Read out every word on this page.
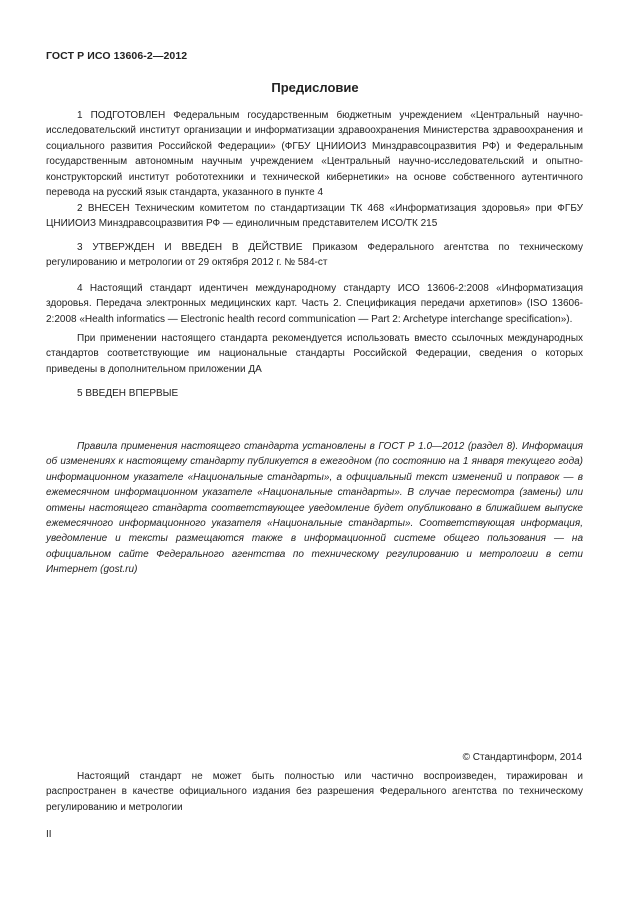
ГОСТ Р ИСО 13606-2—2012
Предисловие

1 ПОДГОТОВЛЕН Федеральным государственным бюджетным учреждением «Центральный научно-исследовательский институт организации и информатизации здравоохранения Министерства здравоохранения и социального развития Российской Федерации» (ФГБУ ЦНИИОИЗ Минздравсоцразвития РФ) и Федеральным государственным автономным научным учреждением «Центральный научно-исследовательский и опытно-конструкторский институт робототехники и технической кибернетики» на основе собственного аутентичного перевода на русский язык стандарта, указанного в пункте 4

2 ВНЕСЕН Техническим комитетом по стандартизации ТК 468 «Информатизация здоровья» при ФГБУ ЦНИИОИЗ Минздравсоцразвития РФ — единоличным представителем ИСО/ТК 215

3 УТВЕРЖДЕН И ВВЕДЕН В ДЕЙСТВИЕ Приказом Федерального агентства по техническому регулированию и метрологии от 29 октября 2012 г. № 584-ст

4 Настоящий стандарт идентичен международному стандарту ИСО 13606-2:2008 «Информатизация здоровья. Передача электронных медицинских карт. Часть 2. Спецификация передачи архетипов» (ISO 13606-2:2008 «Health informatics — Electronic health record communication — Part 2: Archetype interchange specification»).

При применении настоящего стандарта рекомендуется использовать вместо ссылочных международных стандартов соответствующие им национальные стандарты Российской Федерации, сведения о которых приведены в дополнительном приложении ДА

5 ВВЕДЕН ВПЕРВЫЕ

Правила применения настоящего стандарта установлены в ГОСТ Р 1.0—2012 (раздел 8). Информация об изменениях к настоящему стандарту публикуется в ежегодном (по состоянию на 1 января текущего года) информационном указателе «Национальные стандарты», а официальный текст изменений и поправок — в ежемесячном информационном указателе «Национальные стандарты». В случае пересмотра (замены) или отмены настоящего стандарта соответствующее уведомление будет опубликовано в ближайшем выпуске ежемесячного информационного указателя «Национальные стандарты». Соответствующая информация, уведомление и тексты размещаются также в информационной системе общего пользования — на официальном сайте Федерального агентства по техническому регулированию и метрологии в сети Интернет (gost.ru)

© Стандартинформ, 2014

Настоящий стандарт не может быть полностью или частично воспроизведен, тиражирован и распространен в качестве официального издания без разрешения Федерального агентства по техническому регулированию и метрологии

II
